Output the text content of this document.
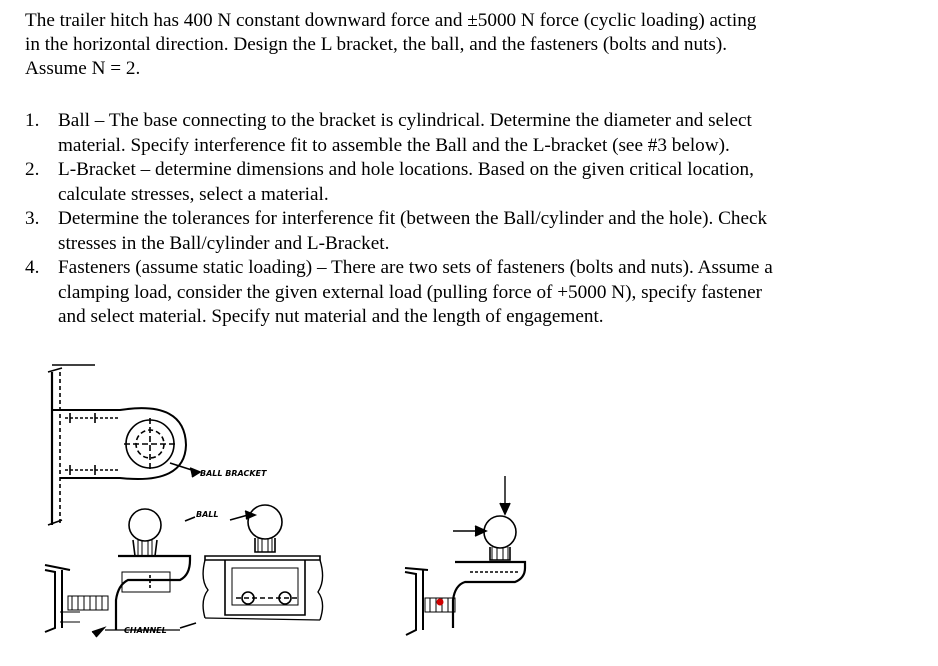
The trailer hitch has 400 N constant downward force and ±5000 N force (cyclic loading) acting
in the horizontal direction. Design the L bracket, the ball, and the fasteners (bolts and nuts).
Assume N = 2.
1. Ball – The base connecting to the bracket is cylindrical. Determine the diameter and select
material. Specify interference fit to assemble the Ball and the L-bracket (see #3 below).
2. L-Bracket – determine dimensions and hole locations. Based on the given critical location,
calculate stresses, select a material.
3. Determine the tolerances for interference fit (between the Ball/cylinder and the hole). Check
stresses in the Ball/cylinder and L-Bracket.
4. Fasteners (assume static loading) – There are two sets of fasteners (bolts and nuts). Assume a
clamping load, consider the given external load (pulling force of +5000 N), specify fastener
and select material. Specify nut material and the length of engagement.
BALL BRACKET
CHANNEL
BALL
